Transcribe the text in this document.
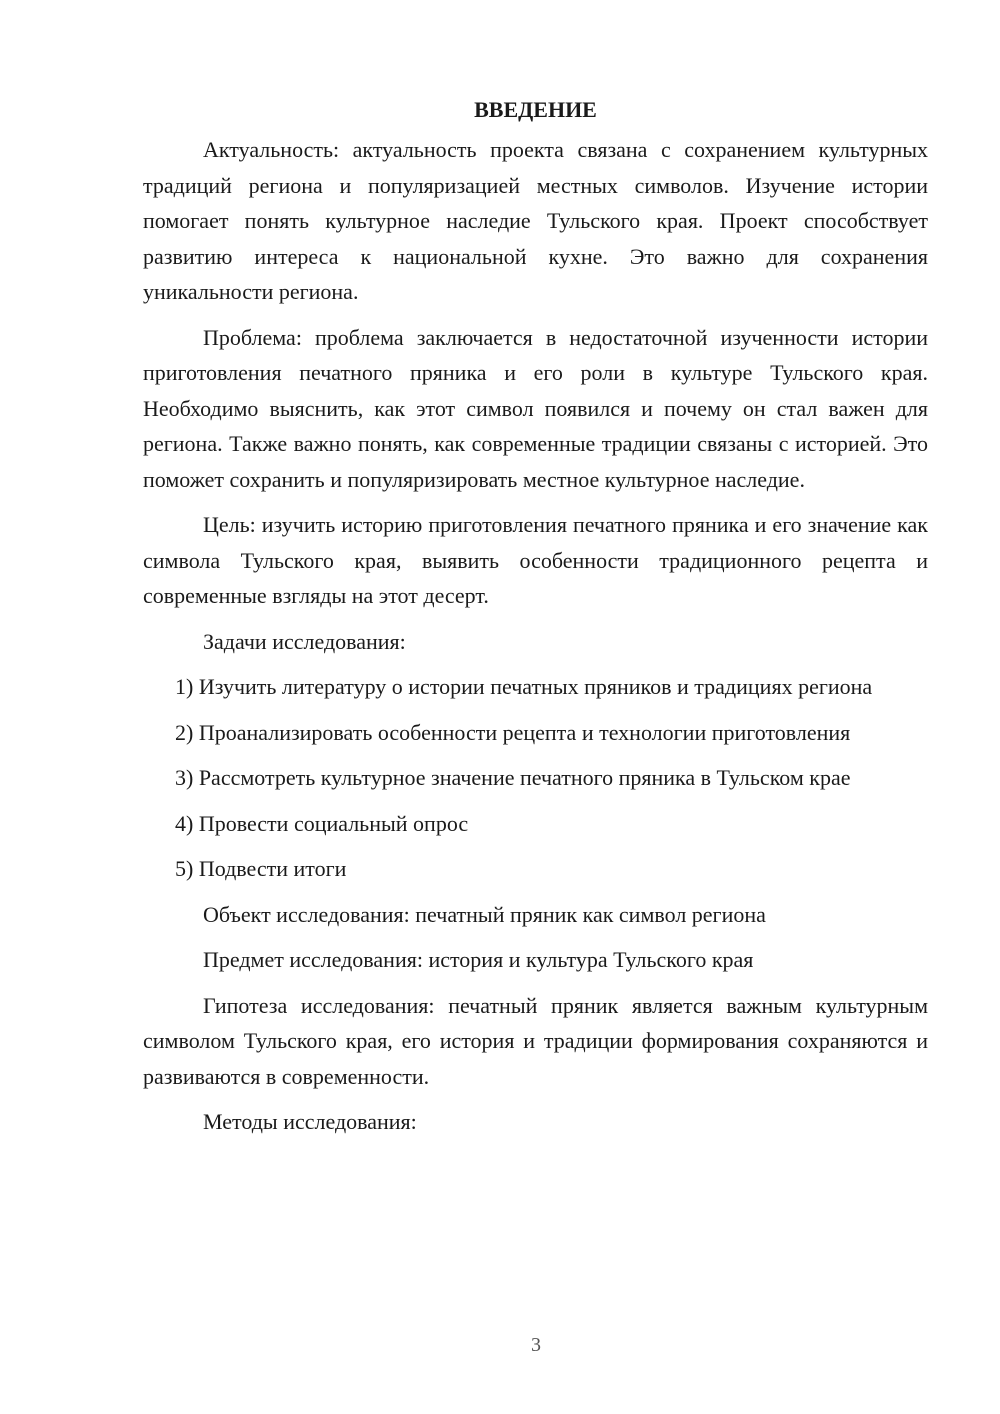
ВВЕДЕНИЕ

Актуальность: актуальность проекта связана с сохранением культурных традиций региона и популяризацией местных символов. Изучение истории помогает понять культурное наследие Тульского края. Проект способствует развитию интереса к национальной кухне. Это важно для сохранения уникальности региона.

Проблема: проблема заключается в недостаточной изученности истории приготовления печатного пряника и его роли в культуре Тульского края. Необходимо выяснить, как этот символ появился и почему он стал важен для региона. Также важно понять, как современные традиции связаны с историей. Это поможет сохранить и популяризировать местное культурное наследие.

Цель: изучить историю приготовления печатного пряника и его значение как символа Тульского края, выявить особенности традиционного рецепта и современные взгляды на этот десерт.

Задачи исследования:

1) Изучить литературу о истории печатных пряников и традициях региона

2) Проанализировать особенности рецепта и технологии приготовления

3) Рассмотреть культурное значение печатного пряника в Тульском крае

4) Провести социальный опрос

5) Подвести итоги

Объект исследования: печатный пряник как символ региона

Предмет исследования: история и культура Тульского края

Гипотеза исследования: печатный пряник является важным культурным символом Тульского края, его история и традиции формирования сохраняются и развиваются в современности.

Методы исследования:

3
